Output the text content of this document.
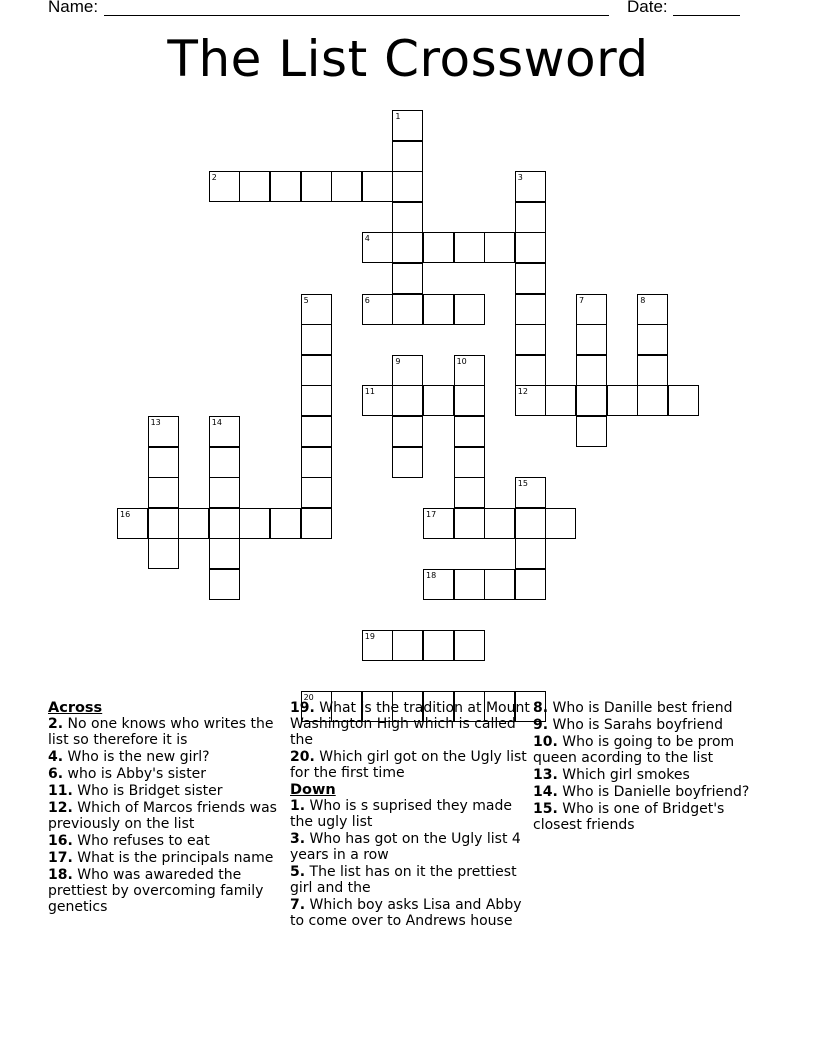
Name:	Date:
The List Crossword
1
2	3
12
4
5	6	7	8
9	10
11
13	14
15
16	17
18
19
20
Across
2. No one knows who writes the list so therefore it is
4. Who is the new girl?
6. who is Abby's sister
11. Who is Bridget sister
12. Which of Marcos friends was previously on the list
16. Who refuses to eat
17. What is the principals name
18. Who was awareded the prettiest by overcoming family genetics
19. What is the tradition at Mount Washington High which is called the
20. Which girl got on the Ugly list for the first time
Down
1. Who is s suprised they made the ugly list
3. Who has got on the Ugly list 4 years in a row
5. The list has on it the prettiest girl and the
7. Which boy asks Lisa and Abby to come over to Andrews house
8. Who is Danille best friend
9. Who is Sarahs boyfriend
10. Who is going to be prom queen acording to the list
13. Which girl smokes
14. Who is Danielle boyfriend?
15. Who is one of Bridget's closest friends
